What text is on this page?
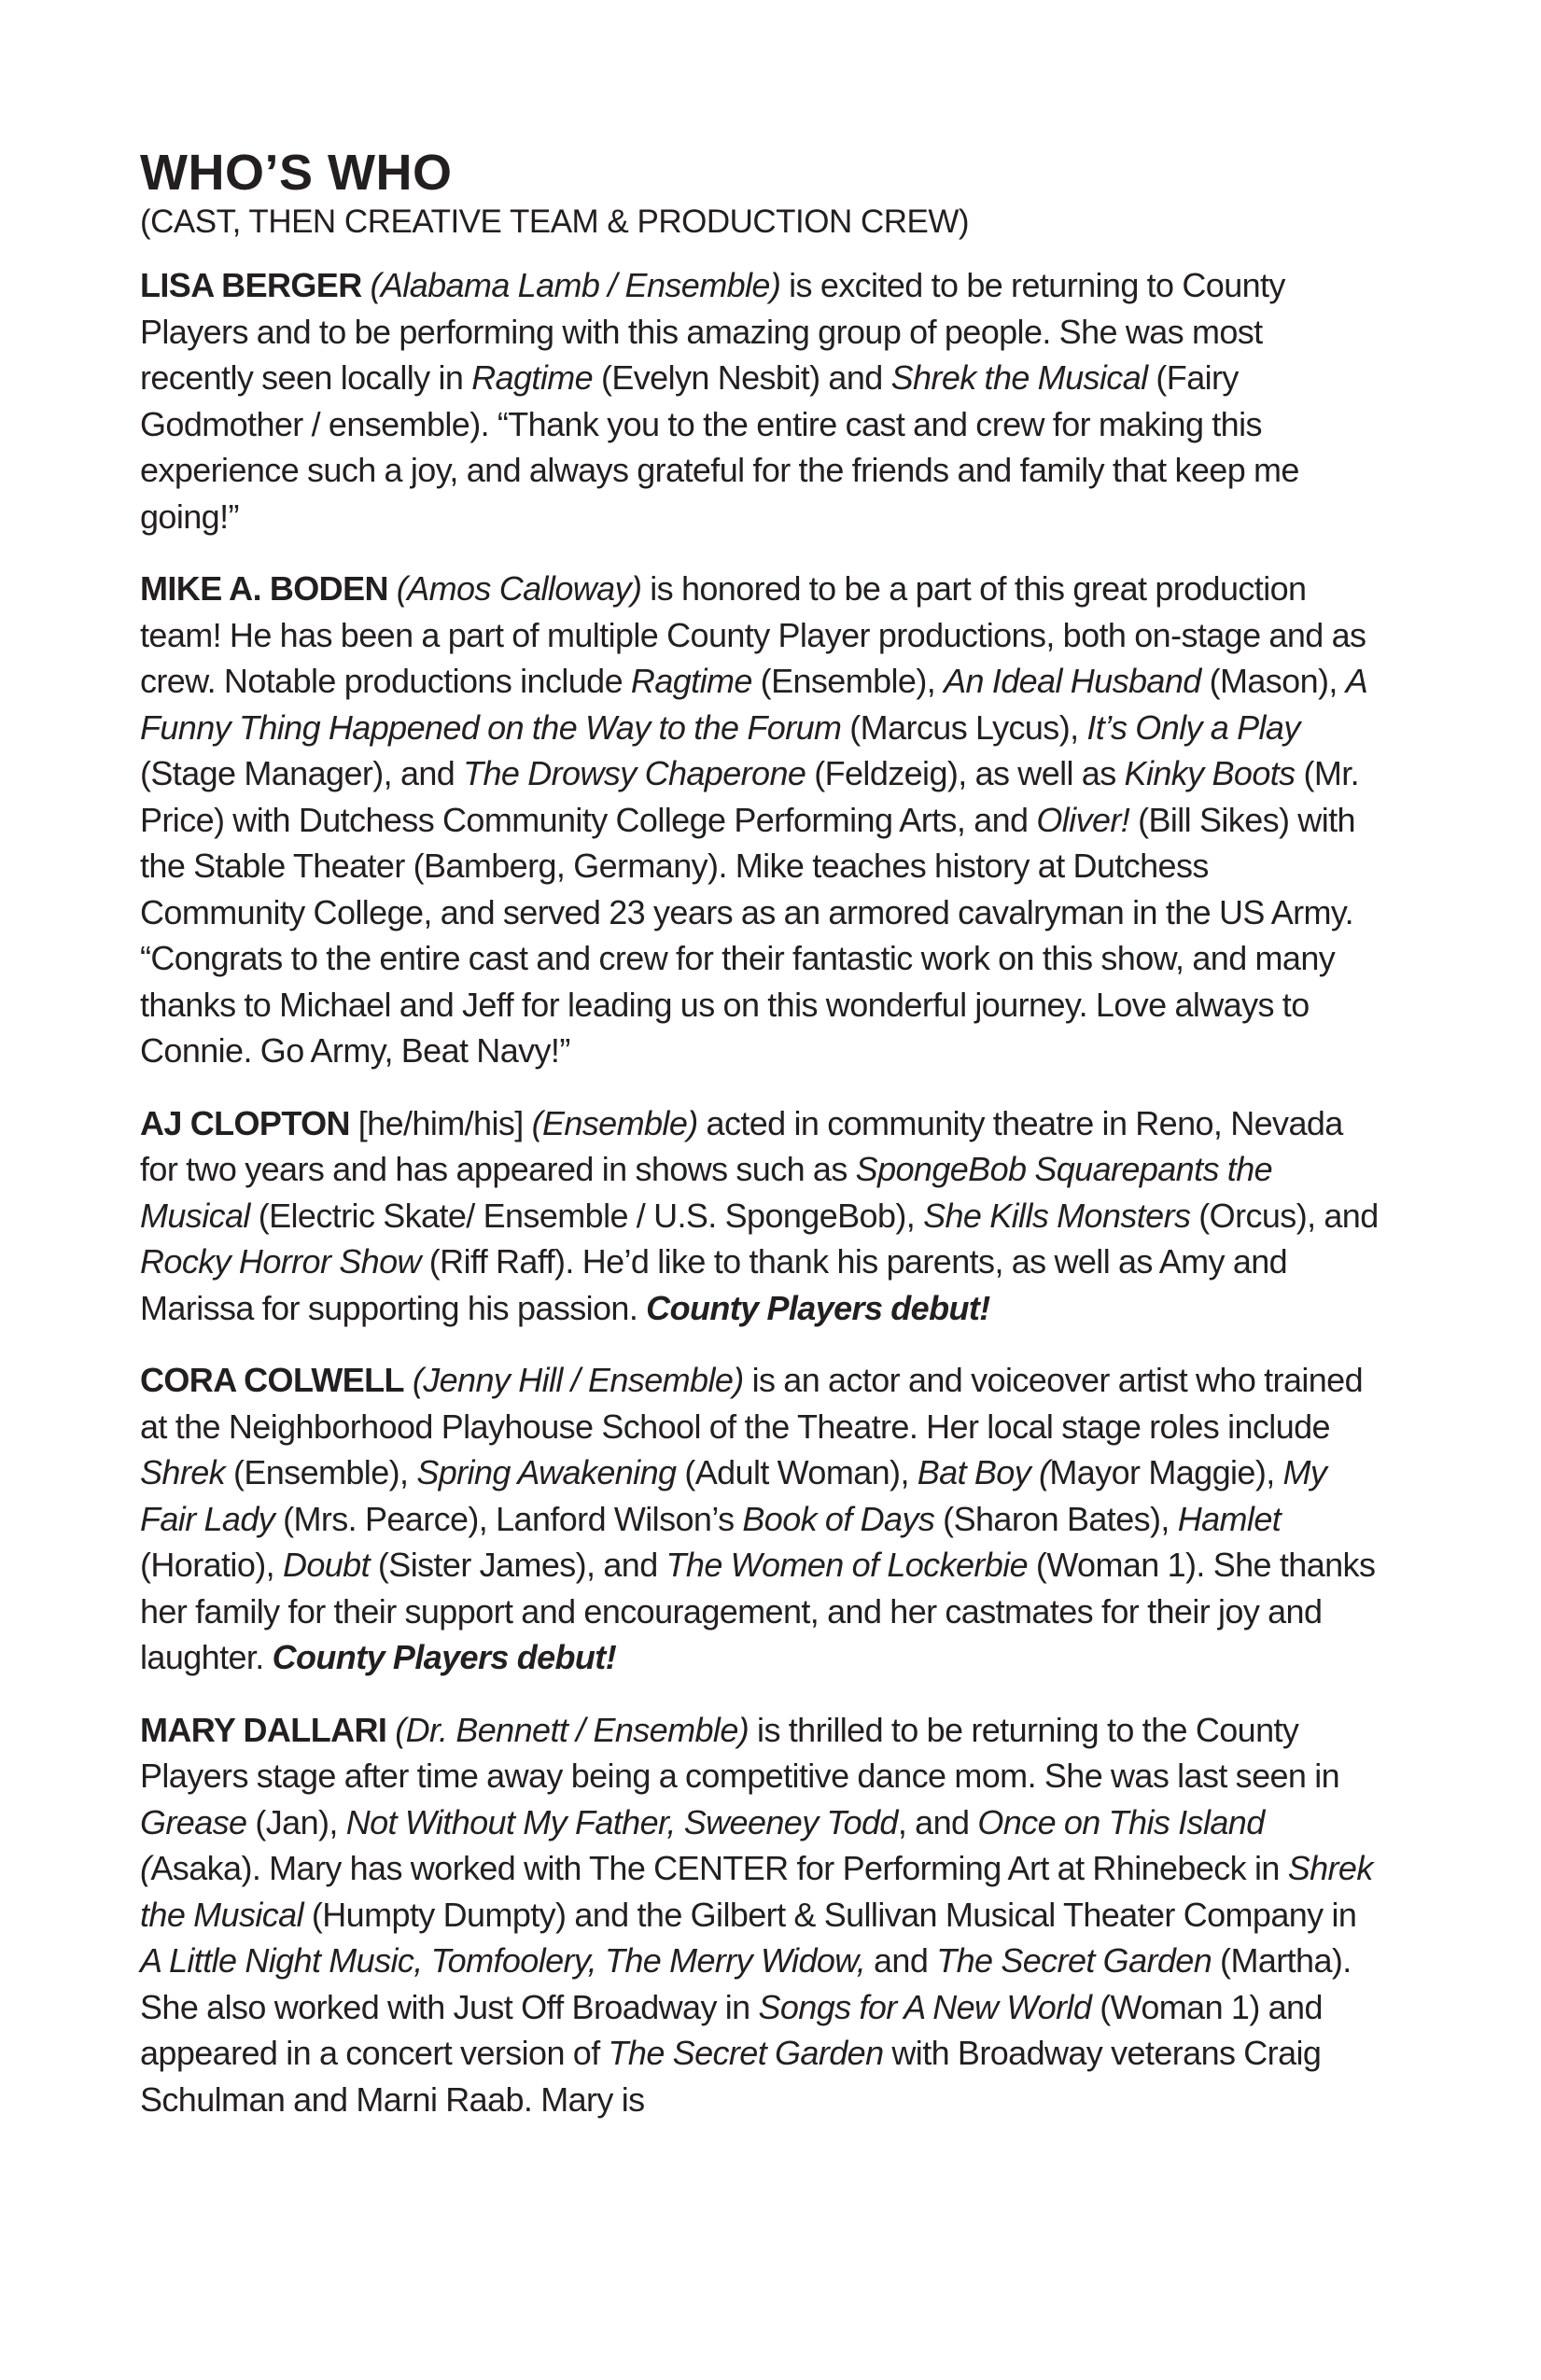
WHO’S WHO
(CAST, THEN CREATIVE TEAM & PRODUCTION CREW)

LISA BERGER (Alabama Lamb / Ensemble) is excited to be returning to County Players and to be performing with this amazing group of people. She was most recently seen locally in Ragtime (Evelyn Nesbit) and Shrek the Musical (Fairy Godmother / ensemble). “Thank you to the entire cast and crew for making this experience such a joy, and always grateful for the friends and family that keep me going!”

MIKE A. BODEN (Amos Calloway) is honored to be a part of this great production team! He has been a part of multiple County Player productions, both on-stage and as crew. Notable productions include Ragtime (Ensemble), An Ideal Husband (Mason), A Funny Thing Happened on the Way to the Forum (Marcus Lycus), It’s Only a Play (Stage Manager), and The Drowsy Chaperone (Feldzeig), as well as Kinky Boots (Mr. Price) with Dutchess Community College Performing Arts, and Oliver! (Bill Sikes) with the Stable Theater (Bamberg, Germany). Mike teaches history at Dutchess Community College, and served 23 years as an armored cavalryman in the US Army. “Congrats to the entire cast and crew for their fantastic work on this show, and many thanks to Michael and Jeff for leading us on this wonderful journey. Love always to Connie. Go Army, Beat Navy!”

AJ CLOPTON [he/him/his] (Ensemble) acted in community theatre in Reno, Nevada for two years and has appeared in shows such as SpongeBob Squarepants the Musical (Electric Skate/ Ensemble / U.S. SpongeBob), She Kills Monsters (Orcus), and Rocky Horror Show (Riff Raff). He’d like to thank his parents, as well as Amy and Marissa for supporting his passion. County Players debut!

CORA COLWELL (Jenny Hill / Ensemble) is an actor and voiceover artist who trained at the Neighborhood Playhouse School of the Theatre. Her local stage roles include Shrek (Ensemble), Spring Awakening (Adult Woman), Bat Boy (Mayor Maggie), My Fair Lady (Mrs. Pearce), Lanford Wilson’s Book of Days (Sharon Bates), Hamlet (Horatio), Doubt (Sister James), and The Women of Lockerbie (Woman 1). She thanks her family for their support and encouragement, and her castmates for their joy and laughter. County Players debut!

MARY DALLARI (Dr. Bennett / Ensemble) is thrilled to be returning to the County Players stage after time away being a competitive dance mom. She was last seen in Grease (Jan), Not Without My Father, Sweeney Todd, and Once on This Island (Asaka). Mary has worked with The CENTER for Performing Art at Rhinebeck in Shrek the Musical (Humpty Dumpty) and the Gilbert & Sullivan Musical Theater Company in A Little Night Music, Tomfoolery, The Merry Widow, and The Secret Garden (Martha). She also worked with Just Off Broadway in Songs for A New World (Woman 1) and appeared in a concert version of The Secret Garden with Broadway veterans Craig Schulman and Marni Raab. Mary is
